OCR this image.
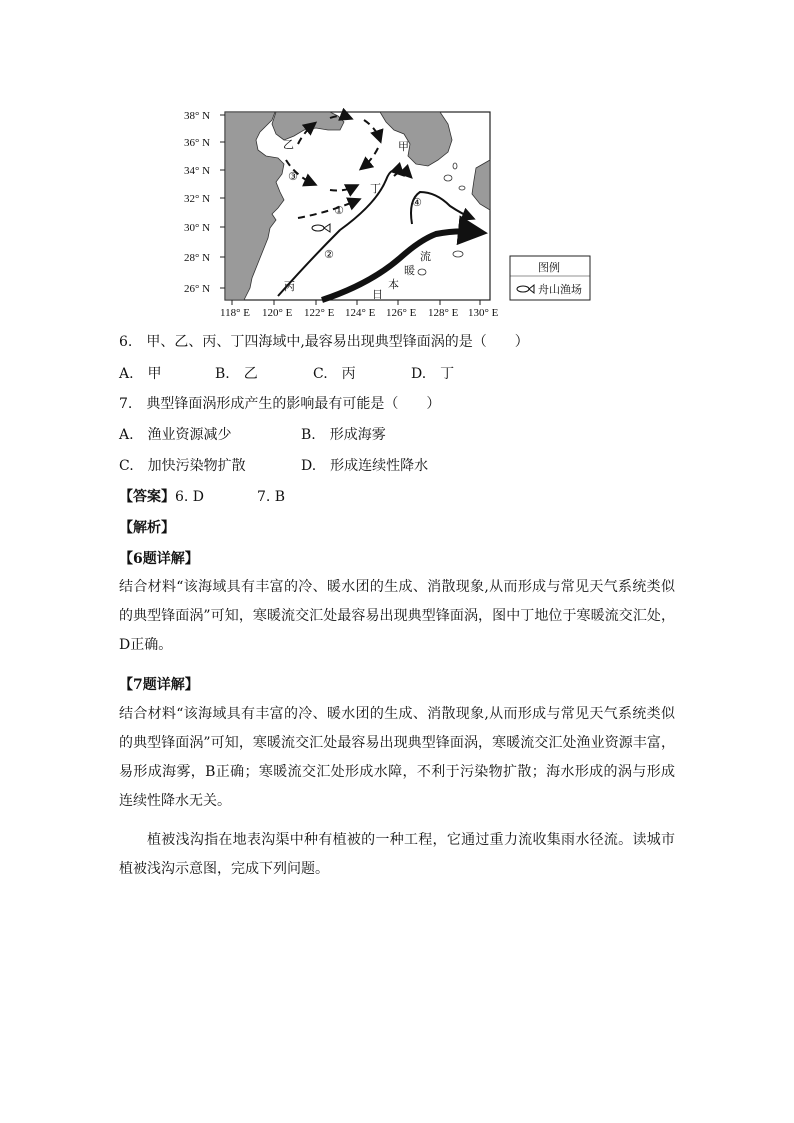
38° N
36° N
34° N
32° N
30° N
28° N
26° N
118° E 120° E 122° E 124° E 126° E 128° E 130° E
乙	甲
丁
丙
③
①
②
④
日
本
暖
流
图例
舟山渔场
6.　甲、乙、丙、丁四海域中,最容易出现典型锋面涡的是（　　）
A.　甲	B.　乙	C.　丙	D.　丁
7.　典型锋面涡形成产生的影响最有可能是（　　）
A.　渔业资源减少	B.　形成海雾
C.　加快污染物扩散	D.　形成连续性降水
【答案】6. D	7. B
【解析】
【6题详解】
结合材料“该海域具有丰富的冷、暖水团的生成、消散现象,从而形成与常见天气系统类似的典型锋面涡”可知，寒暖流交汇处最容易出现典型锋面涡，图中丁地位于寒暖流交汇处，D正确。
【7题详解】
结合材料“该海域具有丰富的冷、暖水团的生成、消散现象,从而形成与常见天气系统类似的典型锋面涡”可知，寒暖流交汇处最容易出现典型锋面涡，寒暖流交汇处渔业资源丰富，易形成海雾，B正确；寒暖流交汇处形成水障，不利于污染物扩散；海水形成的涡与形成连续性降水无关。
植被浅沟指在地表沟渠中种有植被的一种工程，它通过重力流收集雨水径流。读城市植被浅沟示意图，完成下列问题。
